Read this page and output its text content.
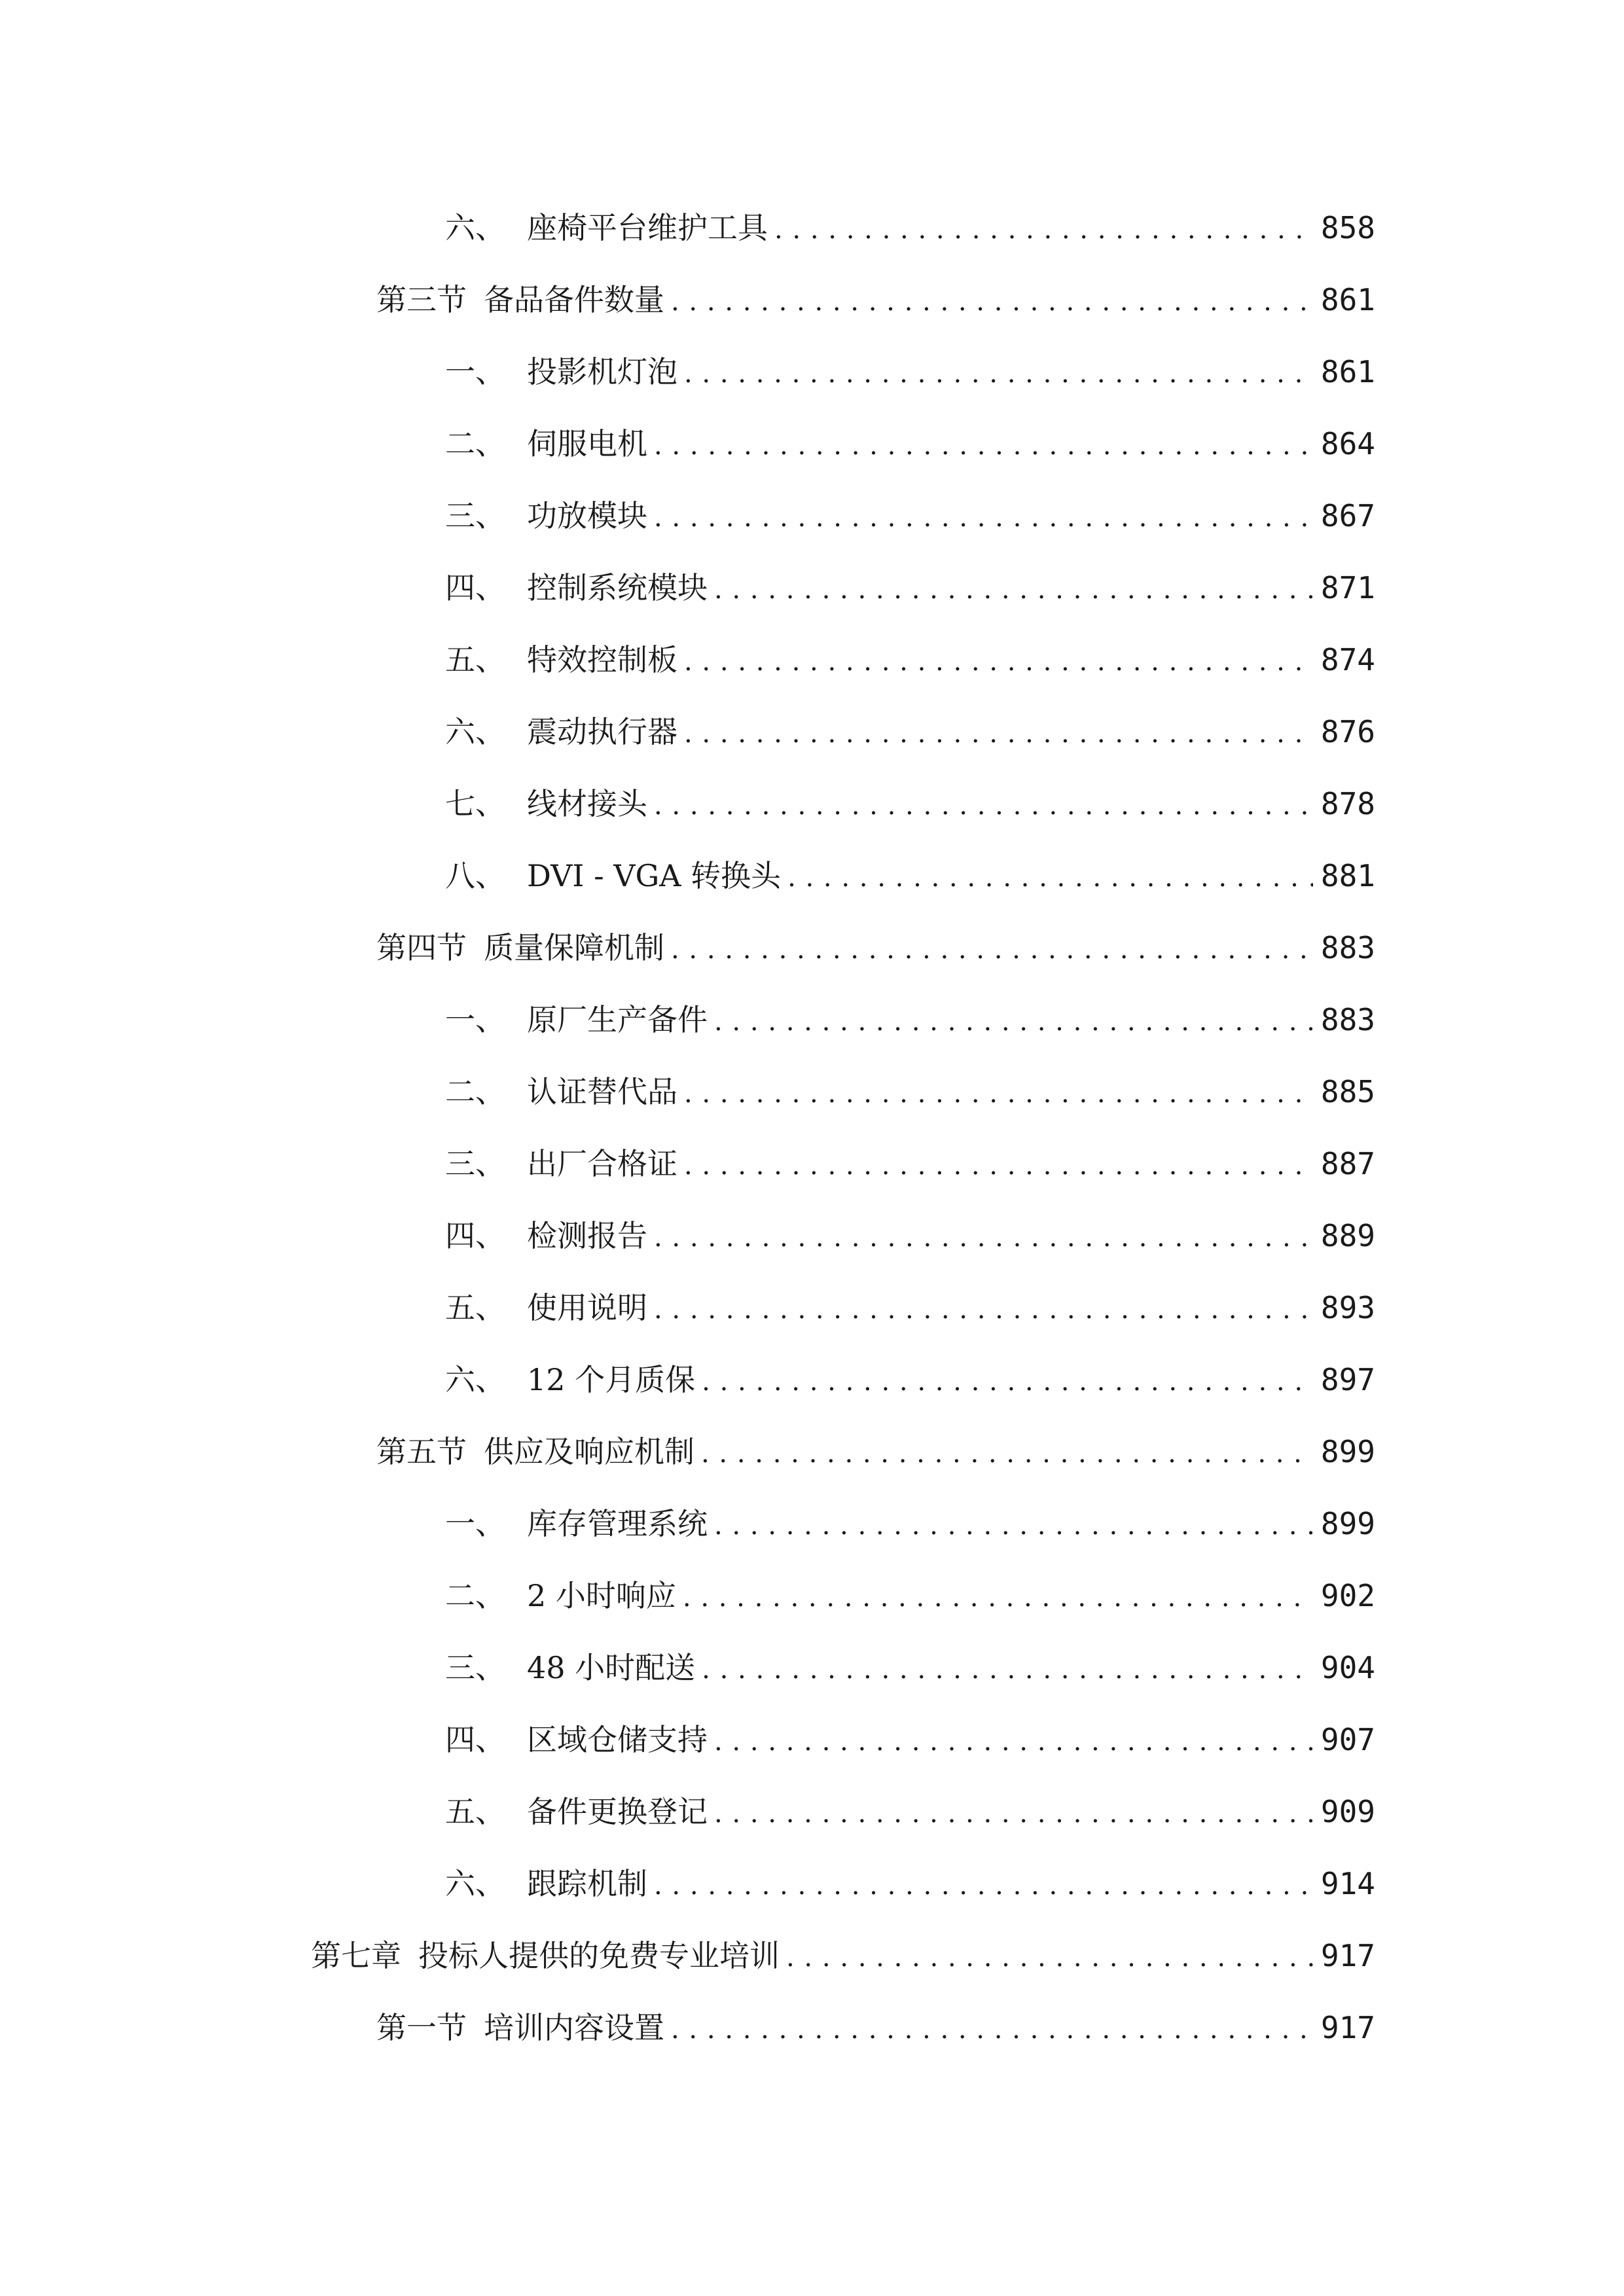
六、 座椅平台维护工具 . . .	858
第三节 备品备件数量 . . .	861
一、 投影机灯泡 . . .	861
二、 伺服电机 . . .	864
三、 功放模块 . . .	867
四、 控制系统模块 . . .	871
五、 特效控制板 . . .	874
六、 震动执行器 . . .	876
七、 线材接头 . . .	878
八、 DVI - VGA 转换头 . . .	881
第四节 质量保障机制 . . .	883
一、 原厂生产备件 . . .	883
二、 认证替代品 . . .	885
三、 出厂合格证 . . .	887
四、 检测报告 . . .	889
五、 使用说明 . . .	893
六、 12 个月质保 . . .	897
第五节 供应及响应机制 . . .	899
一、 库存管理系统 . . .	899
二、 2 小时响应 . . .	902
三、 48 小时配送 . . .	904
四、 区域仓储支持 . . .	907
五、 备件更换登记 . . .	909
六、 跟踪机制 . . .	914
第七章 投标人提供的免费专业培训 . . .	917
第一节 培训内容设置 . . .	917
